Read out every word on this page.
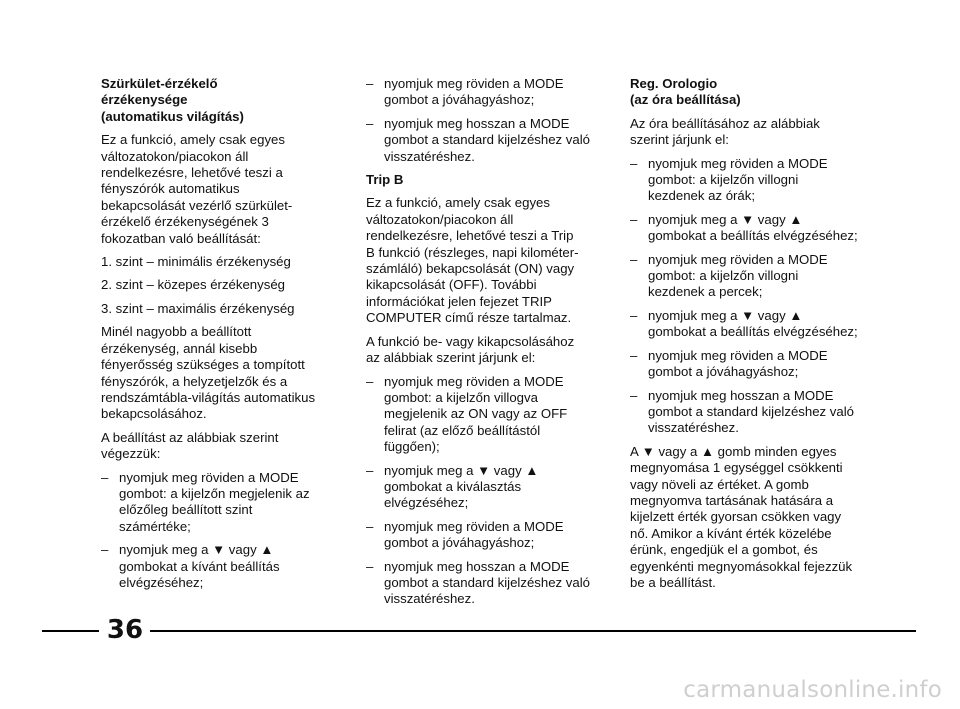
Szürkület-érzékelő
érzékenysége
(automatikus világítás)
Ez a funkció, amely csak egyes
változatokon/piacokon áll
rendelkezésre, lehetővé teszi a
fényszórók automatikus
bekapcsolását vezérlő szürkület-
érzékelő érzékenységének 3
fokozatban való beállítását:
1. szint – minimális érzékenység
2. szint – közepes érzékenység
3. szint – maximális érzékenység
Minél nagyobb a beállított
érzékenység, annál kisebb
fényerősség szükséges a tompított
fényszórók, a helyzetjelzők és a
rendszámtábla-világítás automatikus
bekapcsolásához.
A beállítást az alábbiak szerint
végezzük:
– nyomjuk meg röviden a MODE
gombot: a kijelzőn megjelenik az
előzőleg beállított szint
számértéke;
– nyomjuk meg a ▼ vagy ▲
gombokat a kívánt beállítás
elvégzéséhez;
– nyomjuk meg röviden a MODE
gombot a jóváhagyáshoz;
– nyomjuk meg hosszan a MODE
gombot a standard kijelzéshez való
visszatéréshez.
Trip B
Ez a funkció, amely csak egyes
változatokon/piacokon áll
rendelkezésre, lehetővé teszi a Trip
B funkció (részleges, napi kilométer-
számláló) bekapcsolását (ON) vagy
kikapcsolását (OFF). További
információkat jelen fejezet TRIP
COMPUTER című része tartalmaz.
A funkció be- vagy kikapcsolásához
az alábbiak szerint járjunk el:
– nyomjuk meg röviden a MODE
gombot: a kijelzőn villogva
megjelenik az ON vagy az OFF
felirat (az előző beállítástól
függően);
– nyomjuk meg a ▼ vagy ▲
gombokat a kiválasztás
elvégzéséhez;
– nyomjuk meg röviden a MODE
gombot a jóváhagyáshoz;
– nyomjuk meg hosszan a MODE
gombot a standard kijelzéshez való
visszatéréshez.
Reg. Orologio
(az óra beállítása)
Az óra beállításához az alábbiak
szerint járjunk el:
– nyomjuk meg röviden a MODE
gombot: a kijelzőn villogni
kezdenek az órák;
– nyomjuk meg a ▼ vagy ▲
gombokat a beállítás elvégzéséhez;
– nyomjuk meg röviden a MODE
gombot: a kijelzőn villogni
kezdenek a percek;
– nyomjuk meg a ▼ vagy ▲
gombokat a beállítás elvégzéséhez;
– nyomjuk meg röviden a MODE
gombot a jóváhagyáshoz;
– nyomjuk meg hosszan a MODE
gombot a standard kijelzéshez való
visszatéréshez.
A ▼ vagy a ▲ gomb minden egyes
megnyomása 1 egységgel csökkenti
vagy növeli az értéket. A gomb
megnyomva tartásának hatására a
kijelzett érték gyorsan csökken vagy
nő. Amikor a kívánt érték közelébe
érünk, engedjük el a gombot, és
egyenkénti megnyomásokkal fejezzük
be a beállítást.
36
carmanualsonline.info
